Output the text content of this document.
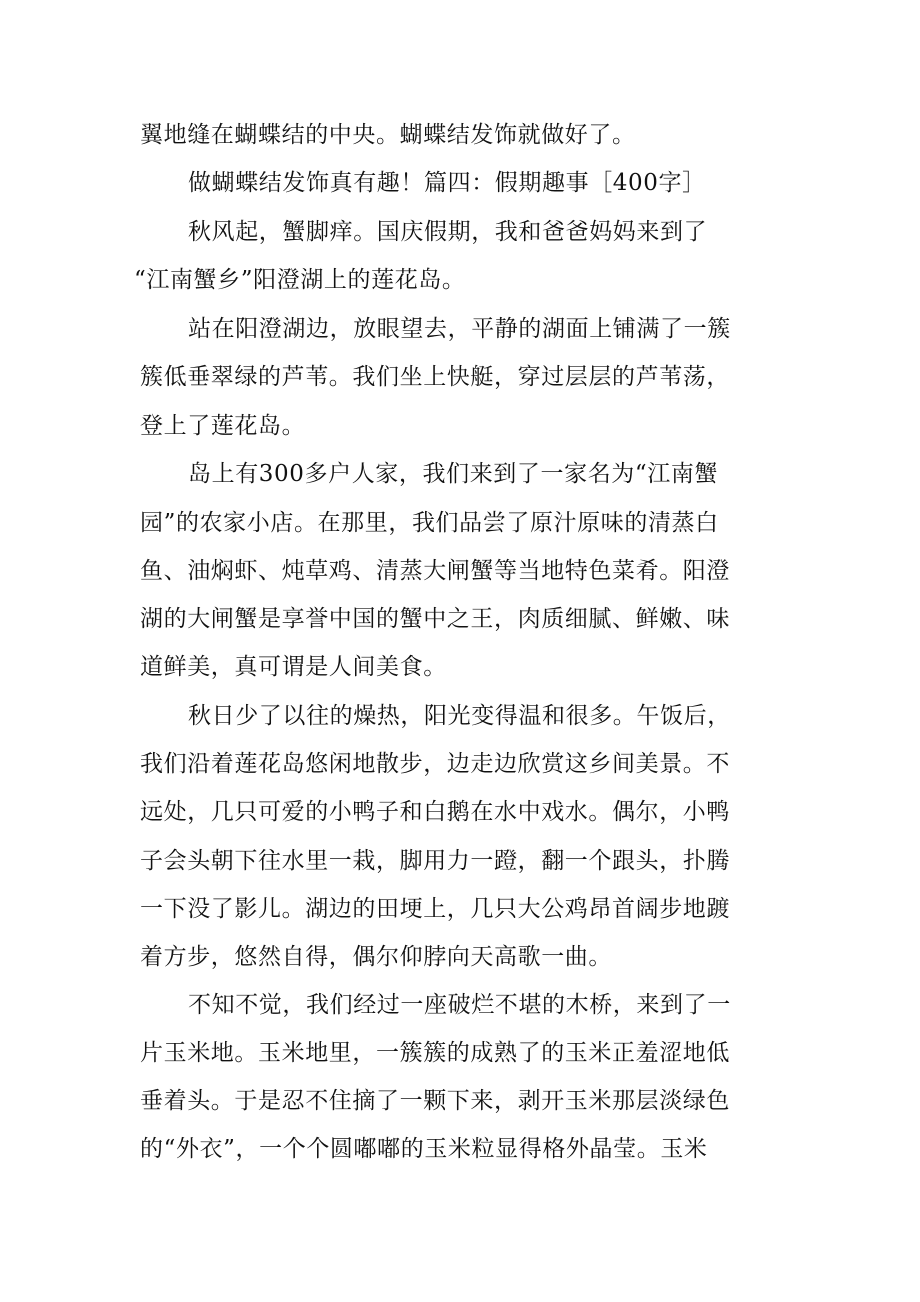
翼地缝在蝴蝶结的中央。蝴蝶结发饰就做好了。
做蝴蝶结发饰真有趣！篇四：假期趣事［400字］
秋风起，蟹脚痒。国庆假期，我和爸爸妈妈来到了
“江南蟹乡”阳澄湖上的莲花岛。
站在阳澄湖边，放眼望去，平静的湖面上铺满了一簇
簇低垂翠绿的芦苇。我们坐上快艇，穿过层层的芦苇荡，
登上了莲花岛。
岛上有300多户人家，我们来到了一家名为“江南蟹
园”的农家小店。在那里，我们品尝了原汁原味的清蒸白
鱼、油焖虾、炖草鸡、清蒸大闸蟹等当地特色菜肴。阳澄
湖的大闸蟹是享誉中国的蟹中之王，肉质细腻、鲜嫩、味
道鲜美，真可谓是人间美食。
秋日少了以往的燥热，阳光变得温和很多。午饭后，
我们沿着莲花岛悠闲地散步，边走边欣赏这乡间美景。不
远处，几只可爱的小鸭子和白鹅在水中戏水。偶尔，小鸭
子会头朝下往水里一栽，脚用力一蹬，翻一个跟头，扑腾
一下没了影儿。湖边的田埂上，几只大公鸡昂首阔步地踱
着方步，悠然自得，偶尔仰脖向天高歌一曲。
不知不觉，我们经过一座破烂不堪的木桥，来到了一
片玉米地。玉米地里，一簇簇的成熟了的玉米正羞涩地低
垂着头。于是忍不住摘了一颗下来，剥开玉米那层淡绿色
的“外衣”，一个个圆嘟嘟的玉米粒显得格外晶莹。玉米
